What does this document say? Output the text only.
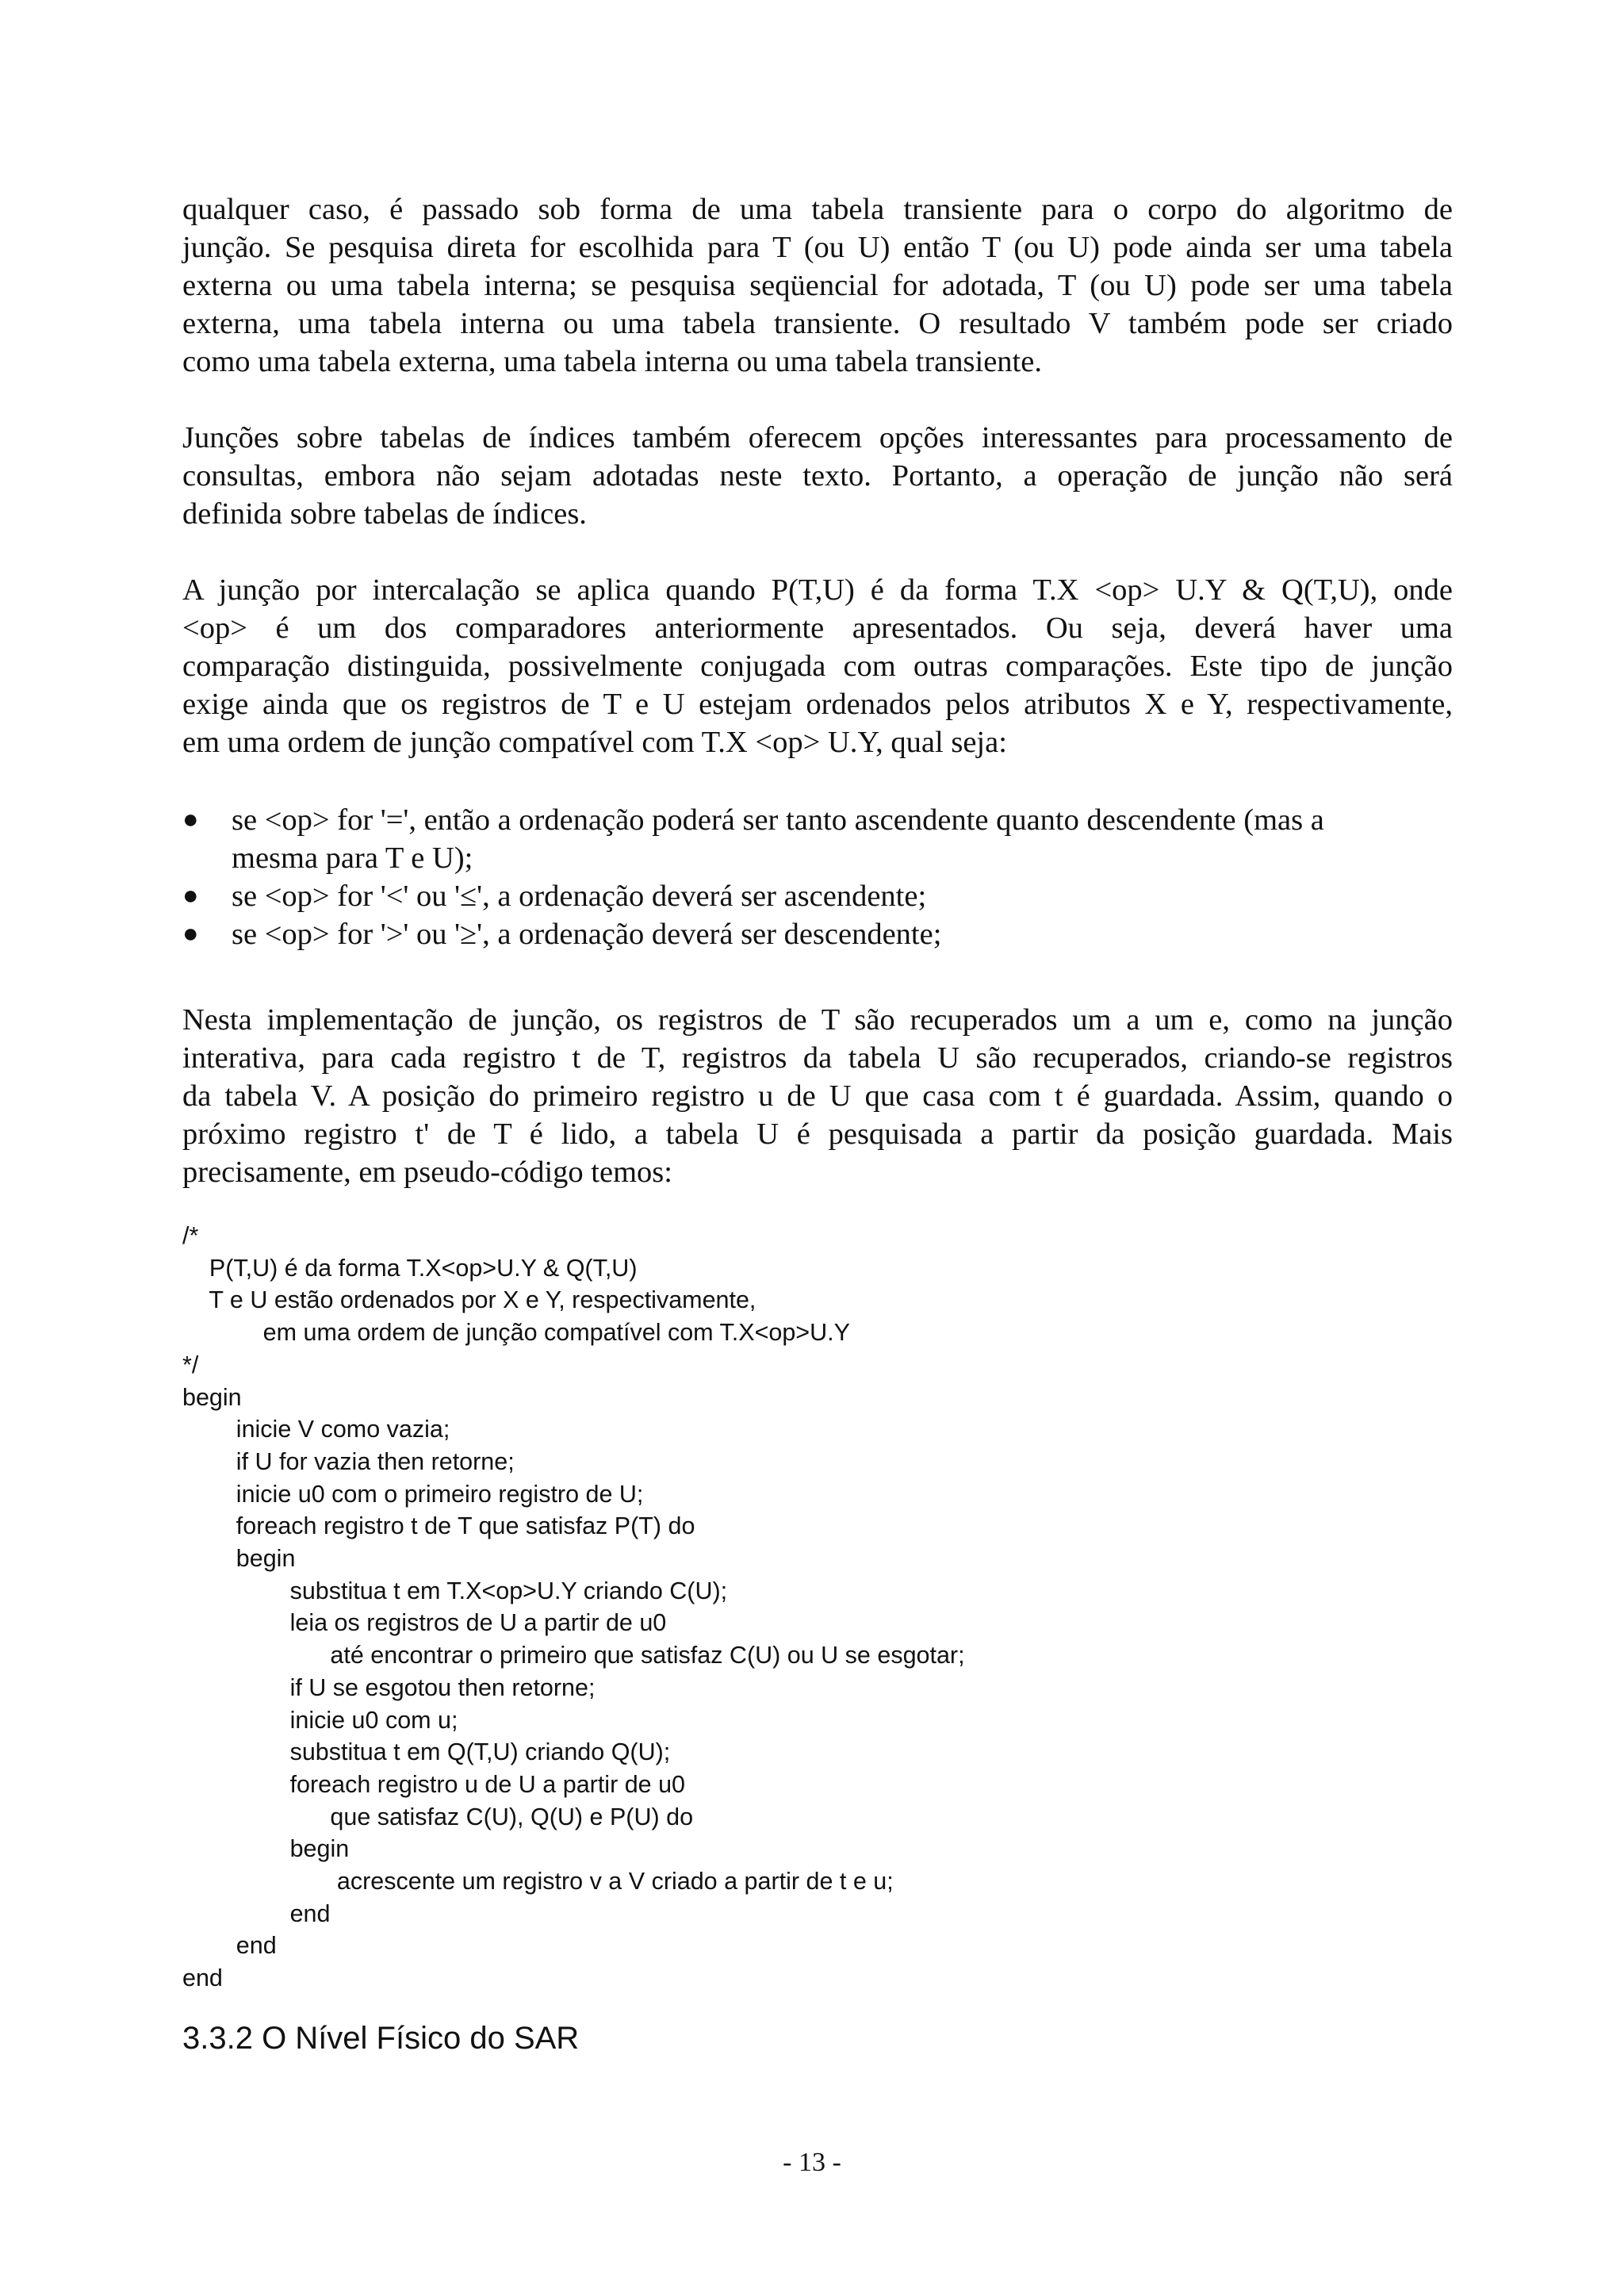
qualquer caso, é passado sob forma de uma tabela transiente para o corpo do algoritmo de
junção. Se pesquisa direta for escolhida para T (ou U) então T (ou U) pode ainda ser uma tabela
externa ou uma tabela interna; se pesquisa seqüencial for adotada, T (ou U) pode ser uma tabela
externa, uma tabela interna ou uma tabela transiente. O resultado V também pode ser criado
como uma tabela externa, uma tabela interna ou uma tabela transiente.

Junções sobre tabelas de índices também oferecem opções interessantes para processamento de
consultas, embora não sejam adotadas neste texto. Portanto, a operação de junção não será
definida sobre tabelas de índices.

A junção por intercalação se aplica quando P(T,U) é da forma T.X <op> U.Y & Q(T,U), onde
<op> é um dos comparadores anteriormente apresentados. Ou seja, deverá haver uma
comparação distinguida, possivelmente conjugada com outras comparações. Este tipo de junção
exige ainda que os registros de T e U estejam ordenados pelos atributos X e Y, respectivamente,
em uma ordem de junção compatível com T.X <op> U.Y, qual seja:

● se <op> for '=', então a ordenação poderá ser tanto ascendente quanto descendente (mas a
mesma para T e U);
● se <op> for '<' ou '≤', a ordenação deverá ser ascendente;
● se <op> for '>' ou '≥', a ordenação deverá ser descendente;

Nesta implementação de junção, os registros de T são recuperados um a um e, como na junção
interativa, para cada registro t de T, registros da tabela U são recuperados, criando-se registros
da tabela V. A posição do primeiro registro u de U que casa com t é guardada. Assim, quando o
próximo registro t' de T é lido, a tabela U é pesquisada a partir da posição guardada. Mais
precisamente, em pseudo-código temos:

/*
P(T,U) é da forma T.X<op>U.Y & Q(T,U)
T e U estão ordenados por X e Y, respectivamente,
em uma ordem de junção compatível com T.X<op>U.Y
*/
begin
inicie V como vazia;
if U for vazia then retorne;
inicie u0 com o primeiro registro de U;
foreach registro t de T que satisfaz P(T) do
begin
substitua t em T.X<op>U.Y criando C(U);
leia os registros de U a partir de u0
até encontrar o primeiro que satisfaz C(U) ou U se esgotar;
if U se esgotou then retorne;
inicie u0 com u;
substitua t em Q(T,U) criando Q(U);
foreach registro u de U a partir de u0
que satisfaz C(U), Q(U) e P(U) do
begin
acrescente um registro v a V criado a partir de t e u;
end
end
end
3.3.2 O Nível Físico do SAR
- 13 -
